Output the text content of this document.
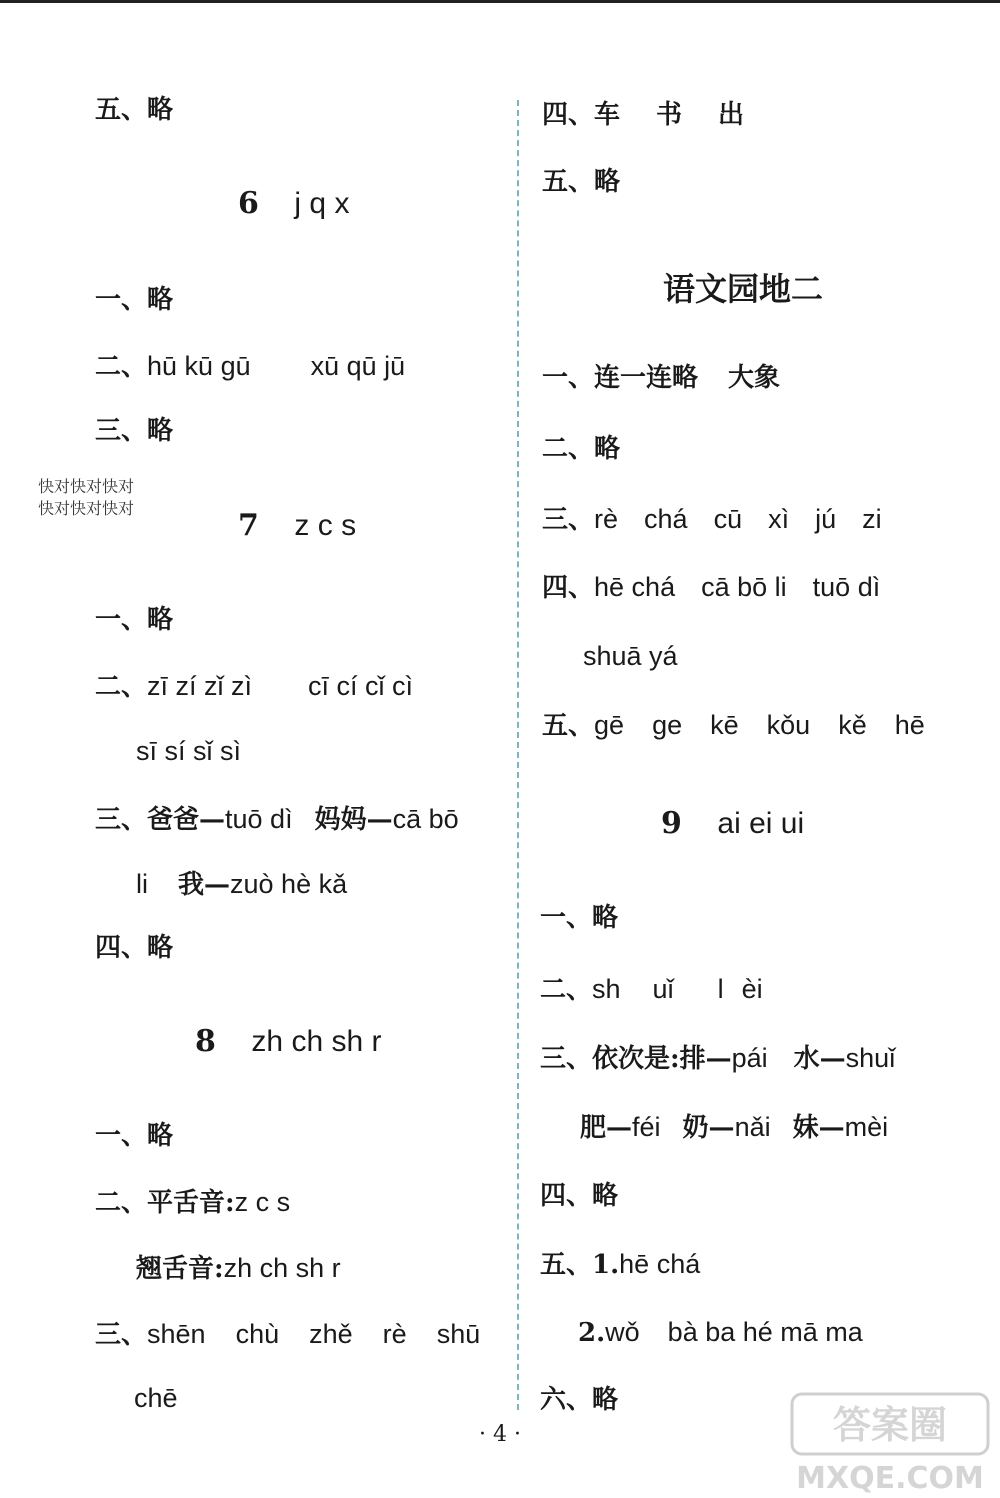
五、略
6 j q x
一、略
二、hū kū gū xū qū jū
三、略
快对快对快对
快对快对快对	7 z c s
一、略
二、zī zí zǐ zì cī cí cǐ cì
sī sí sǐ sì
三、爸爸—tuō dì 妈妈—cā bō
li 我—zuò hè kǎ
四、略
8 zh ch sh r
一、略
二、平舌音:z c s
翘舌音:zh ch sh r
三、shēn chù zhě rè shū
chē
四、车 书 出
五、略
语文园地二
一、连一连略 大象
二、略
三、rè chá cū xì jú zi
四、hē chá cā bō li tuō dì
shuā yá
五、gē ge kē kǒu kě hē
9 ai ei ui
一、略
二、sh uǐ l èi
三、依次是:排—pái 水—shuǐ
肥—féi 奶—nǎi 妹—mèi
四、略
五、1.hē chá
2.wǒ bà ba hé mā ma
六、略
· 4 ·	答案圈
MXQE.COM
